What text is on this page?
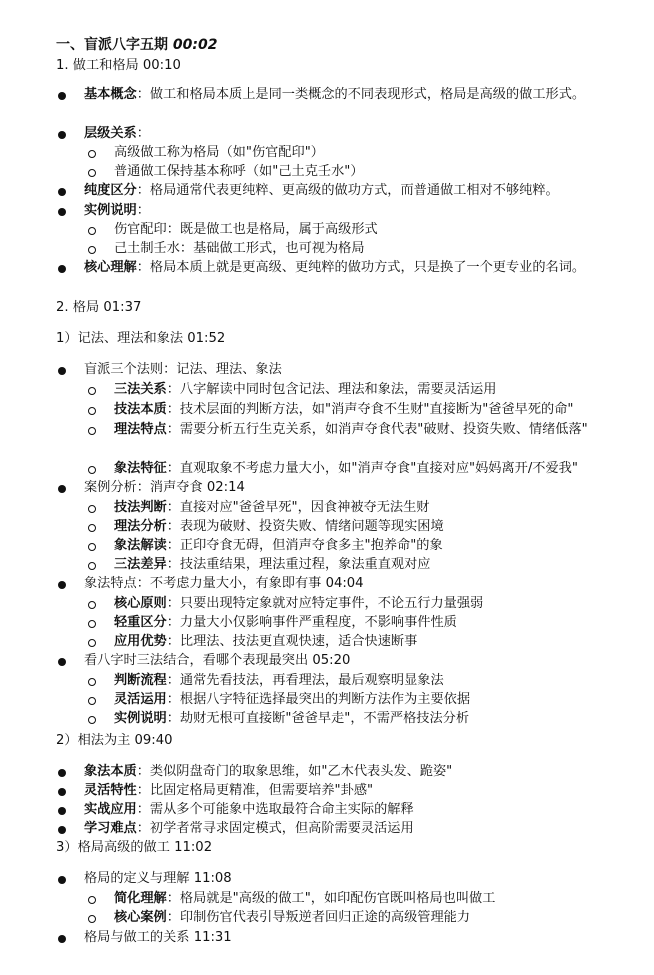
一、盲派八字五期 00:02
1. 做工和格局 00:10
基本概念：做工和格局本质上是同一类概念的不同表现形式，格局是高级的做工形式。
层级关系：
高级做工称为格局（如"伤官配印"）
普通做工保持基本称呼（如"己土克壬水"）
纯度区分：格局通常代表更纯粹、更高级的做功方式，而普通做工相对不够纯粹。
实例说明：
伤官配印：既是做工也是格局，属于高级形式
己土制壬水：基础做工形式，也可视为格局
核心理解：格局本质上就是更高级、更纯粹的做功方式，只是换了一个更专业的名词。
2. 格局 01:37
1）记法、理法和象法 01:52
盲派三个法则：记法、理法、象法
三法关系：八字解读中同时包含记法、理法和象法，需要灵活运用
技法本质：技术层面的判断方法，如"消声夺食不生财"直接断为"爸爸早死的命"
理法特点：需要分析五行生克关系，如消声夺食代表"破财、投资失败、情绪低落"
象法特征：直观取象不考虑力量大小，如"消声夺食"直接对应"妈妈离开/不爱我"
案例分析：消声夺食 02:14
技法判断：直接对应"爸爸早死"，因食神被夺无法生财
理法分析：表现为破财、投资失败、情绪问题等现实困境
象法解读：正印夺食无碍，但消声夺食多主"抱养命"的象
三法差异：技法重结果，理法重过程，象法重直观对应
象法特点：不考虑力量大小，有象即有事 04:04
核心原则：只要出现特定象就对应特定事件，不论五行力量强弱
轻重区分：力量大小仅影响事件严重程度，不影响事件性质
应用优势：比理法、技法更直观快速，适合快速断事
看八字时三法结合，看哪个表现最突出 05:20
判断流程：通常先看技法，再看理法，最后观察明显象法
灵活运用：根据八字特征选择最突出的判断方法作为主要依据
实例说明：劫财无根可直接断"爸爸早走"，不需严格技法分析
2）相法为主 09:40
象法本质：类似阴盘奇门的取象思维，如"乙木代表头发、跪姿"
灵活特性：比固定格局更精准，但需要培养"卦感"
实战应用：需从多个可能象中选取最符合命主实际的解释
学习难点：初学者常寻求固定模式，但高阶需要灵活运用
3）格局高级的做工 11:02
格局的定义与理解 11:08
简化理解：格局就是"高级的做工"，如印配伤官既叫格局也叫做工
核心案例：印制伤官代表引导叛逆者回归正途的高级管理能力
格局与做工的关系 11:31
